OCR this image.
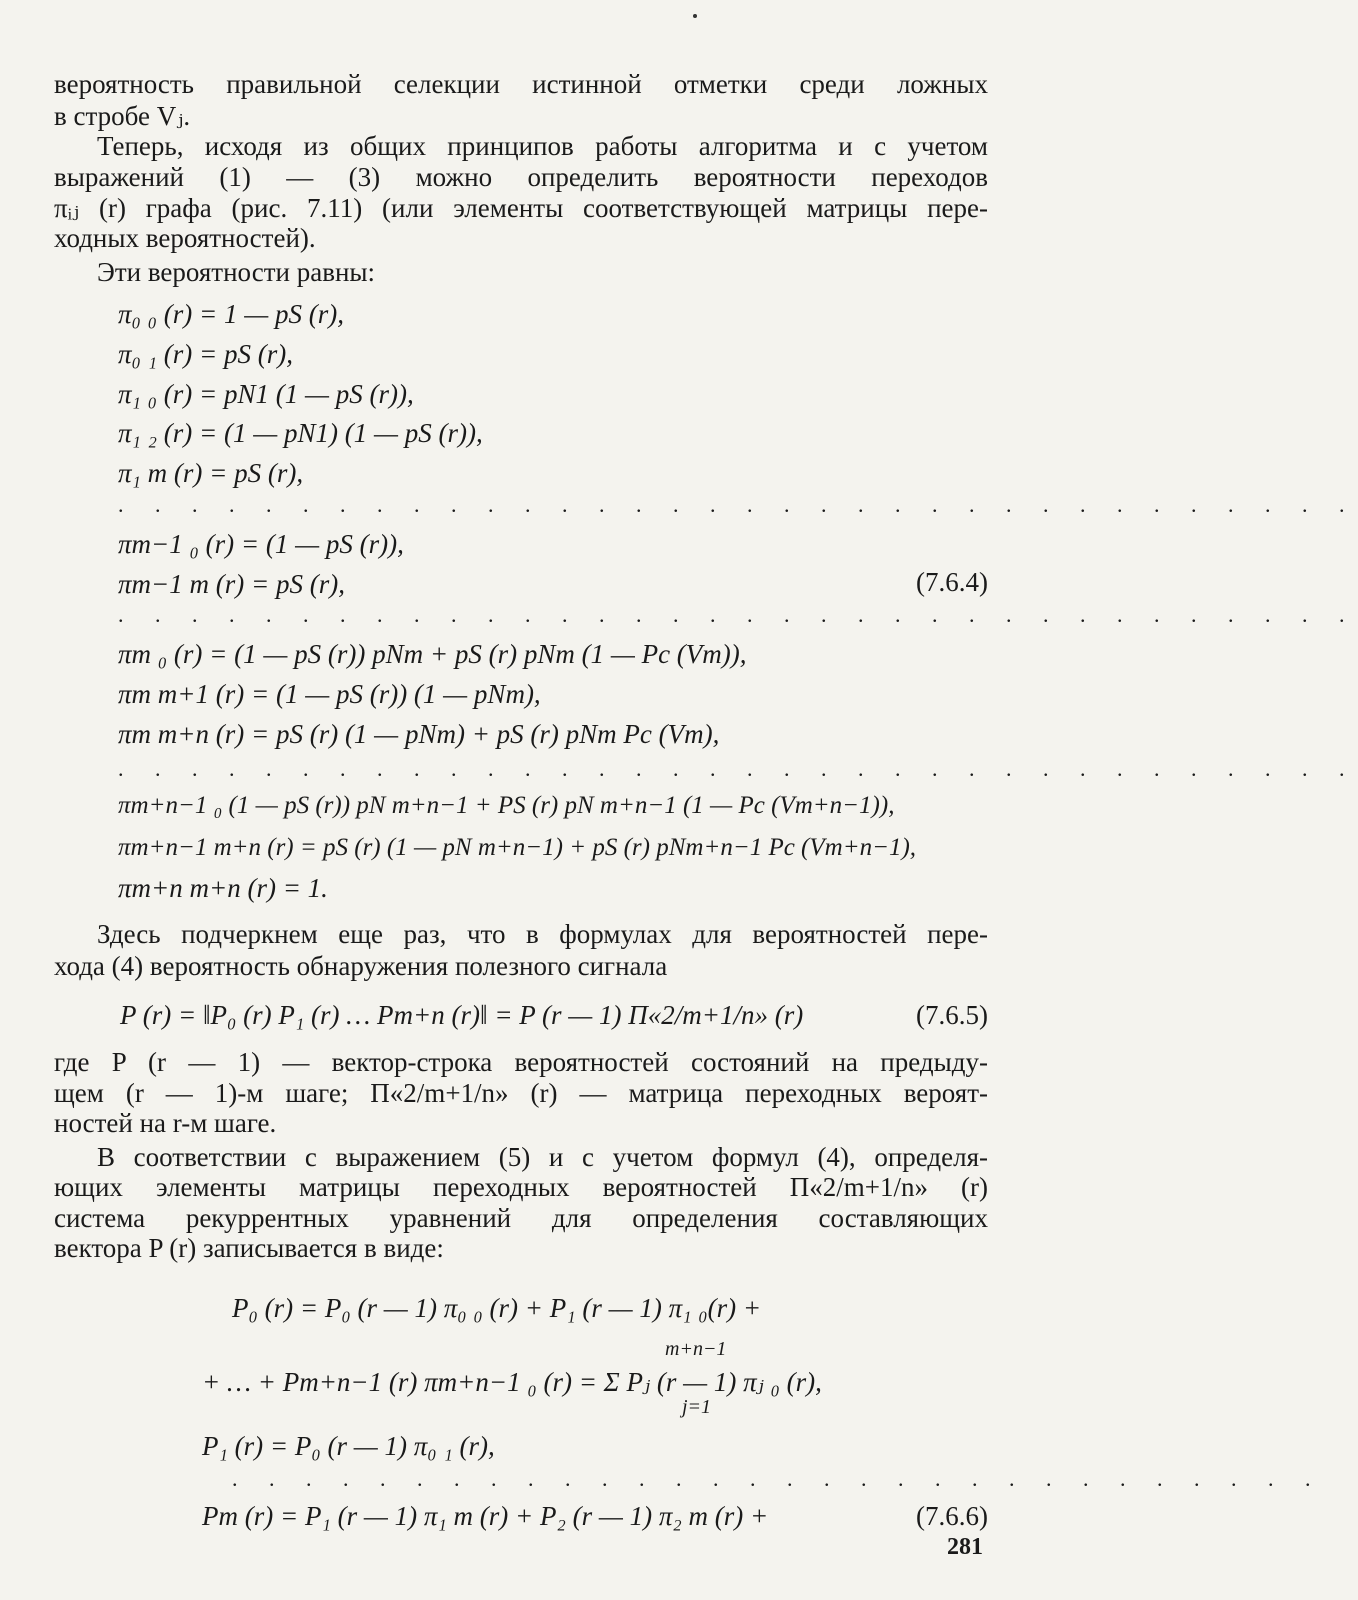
вероятность правильной селекции истинной отметки среди ложных
в стробе Vⱼ.
Теперь, исходя из общих принципов работы алгоритма и с учетом
выражений (1) — (3) можно определить вероятности переходов
πᵢⱼ (r) графа (рис. 7.11) (или элементы соответствующей матрицы пере-
ходных вероятностей).
Эти вероятности равны:
π₀ ₀ (r) = 1 — pS (r),
π₀ ₁ (r) = pS (r),
π₁ ₀ (r) = pN1 (1 — pS (r)),
π₁ ₂ (r) = (1 — pN1) (1 — pS (r)),
π₁ m (r) = pS (r),
. . . . . . . . . . . . . . . . . . . . . . . . . . . . . . . . . .
πm−1 ₀ (r) = (1 — pS (r)),
πm−1 m (r) = pS (r),	(7.6.4)
. . . . . . . . . . . . . . . . . . . . . . . . . . . . . . . . . .
πm ₀ (r) = (1 — pS (r)) pNm + pS (r) pNm (1 — Pc (Vm)),
πm m+1 (r) = (1 — pS (r)) (1 — pNm),
πm m+n (r) = pS (r) (1 — pNm) + pS (r) pNm Pc (Vm),
. . . . . . . . . . . . . . . . . . . . . . . . . . . . . . . . . .
πm+n−1 ₀ (1 — pS (r)) pN m+n−1 + PS (r) pN m+n−1 (1 — Pc (Vm+n−1)),
πm+n−1 m+n (r) = pS (r) (1 — pN m+n−1) + pS (r) pNm+n−1 Pc (Vm+n−1),
πm+n m+n (r) = 1.
Здесь подчеркнем еще раз, что в формулах для вероятностей пере-
хода (4) вероятность обнаружения полезного сигнала
P (r) = ‖P₀ (r) P₁ (r) … Pm+n (r)‖ = P (r — 1) Π«2/m+1/n» (r)	(7.6.5)
где P (r — 1) — вектор-строка вероятностей состояний на предыду-
щем (r — 1)-м шаге; Π«2/m+1/n» (r) — матрица переходных вероят-
ностей на r-м шаге.
В соответствии с выражением (5) и с учетом формул (4), определя-
ющих элементы матрицы переходных вероятностей Π«2/m+1/n» (r)
система рекуррентных уравнений для определения составляющих
вектора P (r) записывается в виде:
P₀ (r) = P₀ (r — 1) π₀ ₀ (r) + P₁ (r — 1) π₁ ₀(r) +
m+n−1
+ … + Pm+n−1 (r) πm+n−1 ₀ (r) = Σ Pⱼ (r — 1) πⱼ ₀ (r),
j=1
P₁ (r) = P₀ (r — 1) π₀ ₁ (r),
. . . . . . . . . . . . . . . . . . . . . . . . . . . . . .
Pm (r) = P₁ (r — 1) π₁ m (r) + P₂ (r — 1) π₂ m (r) +	(7.6.6)
281
